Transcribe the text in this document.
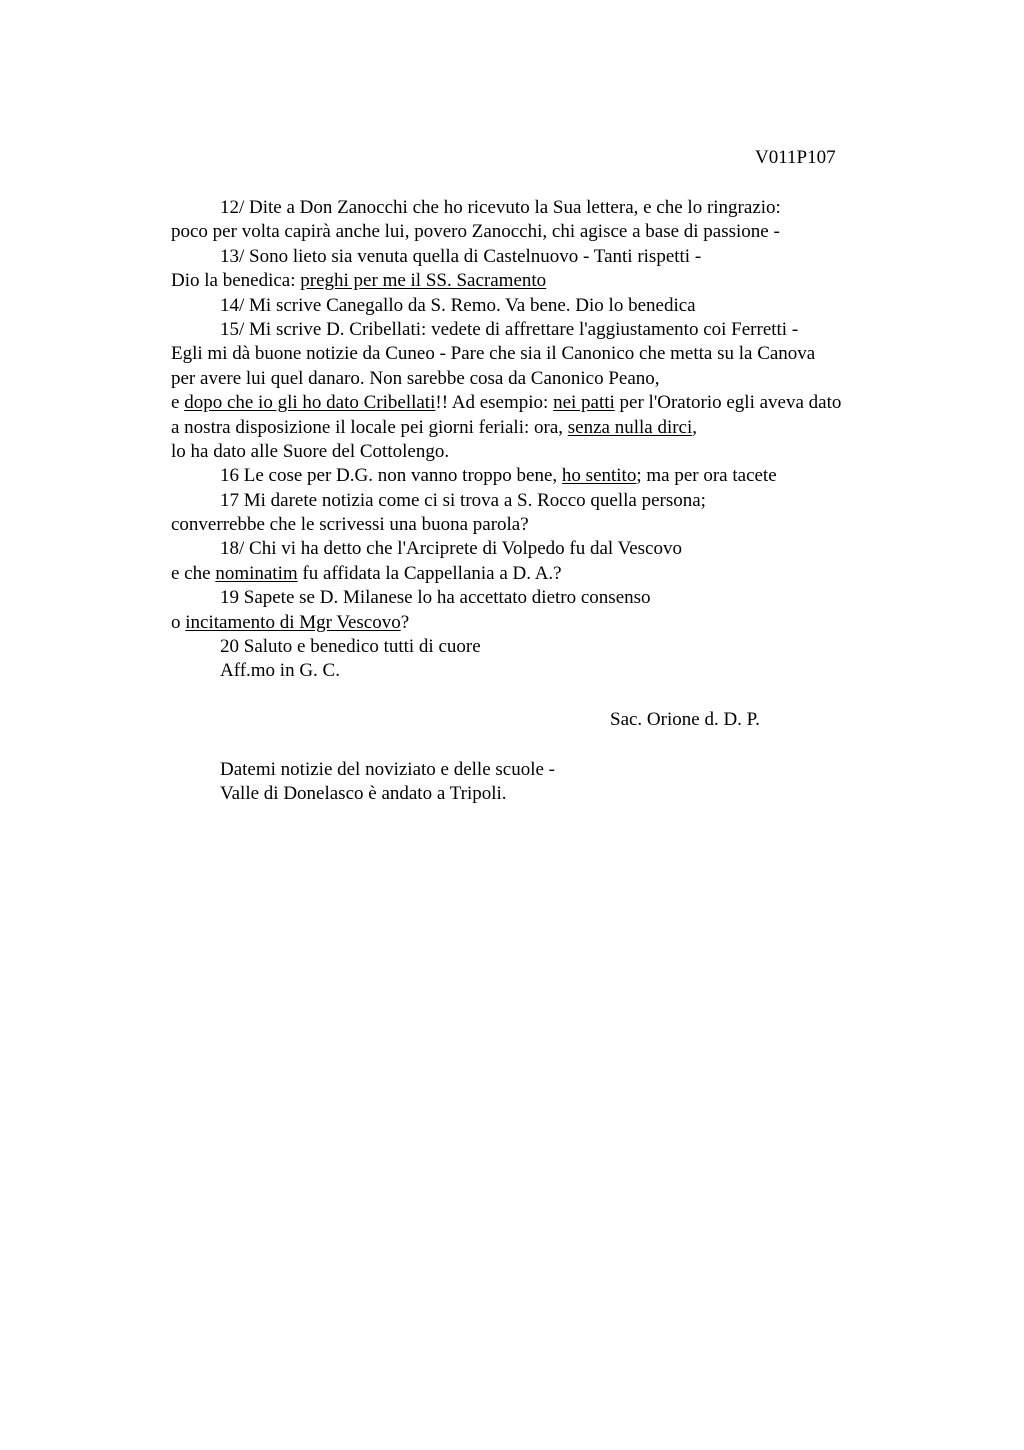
V011P107
12/ Dite a Don Zanocchi che ho ricevuto la Sua lettera, e che lo ringrazio:
poco per volta capirà anche lui, povero Zanocchi, chi agisce a base di passione -
13/ Sono lieto sia venuta quella di Castelnuovo - Tanti rispetti -
Dio la benedica: preghi per me il SS. Sacramento
14/ Mi scrive Canegallo da S. Remo. Va bene. Dio lo benedica
15/ Mi scrive D. Cribellati: vedete di affrettare l'aggiustamento coi Ferretti -
Egli mi dà buone notizie da Cuneo - Pare che sia il Canonico che metta su la Canova
per avere lui quel danaro. Non sarebbe cosa da Canonico Peano,
e dopo che io gli ho dato Cribellati!! Ad esempio: nei patti per l'Oratorio egli aveva dato
a nostra disposizione il locale pei giorni feriali: ora, senza nulla dirci,
lo ha dato alle Suore del Cottolengo.
16 Le cose per D.G. non vanno troppo bene, ho sentito; ma per ora tacete
17 Mi darete notizia come ci si trova a S. Rocco quella persona;
converrebbe che le scrivessi una buona parola?
18/ Chi vi ha detto che l'Arciprete di Volpedo fu dal Vescovo
e che nominatim fu affidata la Cappellania a D. A.?
19 Sapete se D. Milanese lo ha accettato dietro consenso
o incitamento di Mgr Vescovo?
20 Saluto e benedico tutti di cuore
Aff.mo in G. C.
Sac. Orione d. D. P.
Datemi notizie del noviziato e delle scuole -
Valle di Donelasco è andato a Tripoli.
